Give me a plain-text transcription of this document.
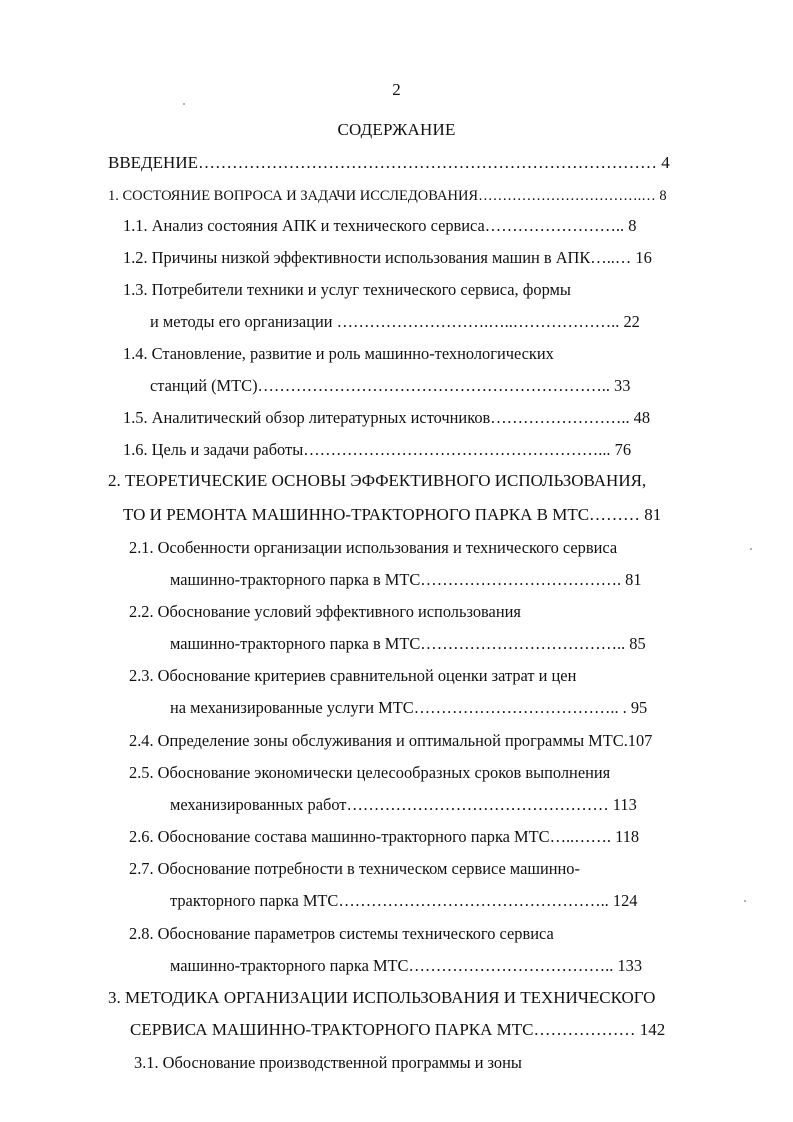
2
СОДЕРЖАНИЕ
ВВЕДЕНИЕ……………………………………………………………………… 4
1. СОСТОЯНИЕ ВОПРОСА И ЗАДАЧИ ИССЛЕДОВАНИЯ…………………………….… 8
1.1. Анализ состояния АПК и технического сервиса…………………….. 8
1.2. Причины низкой эффективности использования машин в АПК…..… 16
1.3. Потребители техники и услуг технического сервиса, формы
и методы его организации ……………………….…..……………….. 22
1.4. Становление, развитие и роль машинно-технологических
станций (МТС)……………………………………………………….. 33
1.5. Аналитический обзор литературных источников…………………….. 48
1.6. Цель и задачи работы………………………………………………... 76
2. ТЕОРЕТИЧЕСКИЕ ОСНОВЫ ЭФФЕКТИВНОГО ИСПОЛЬЗОВАНИЯ,
ТО И РЕМОНТА МАШИННО-ТРАКТОРНОГО ПАРКА В МТС……… 81
2.1. Особенности организации использования и технического сервиса
машинно-тракторного парка в МТС………………………………. 81
2.2. Обоснование условий эффективного использования
машинно-тракторного парка в МТС……………………………….. 85
2.3. Обоснование критериев сравнительной оценки затрат и цен
на механизированные услуги МТС……………………………….. . 95
2.4. Определение зоны обслуживания и оптимальной программы МТС.107
2.5. Обоснование экономически целесообразных сроков выполнения
механизированных работ………………………………………… 113
2.6. Обоснование состава машинно-тракторного парка МТС…..……. 118
2.7. Обоснование потребности в техническом сервисе машинно-
тракторного парка МТС………………………………………….. 124
2.8. Обоснование параметров системы технического сервиса
машинно-тракторного парка МТС……………………………….. 133
3. МЕТОДИКА ОРГАНИЗАЦИИ ИСПОЛЬЗОВАНИЯ И ТЕХНИЧЕСКОГО
СЕРВИСА МАШИННО-ТРАКТОРНОГО ПАРКА МТС……………… 142
3.1. Обоснование производственной программы и зоны
